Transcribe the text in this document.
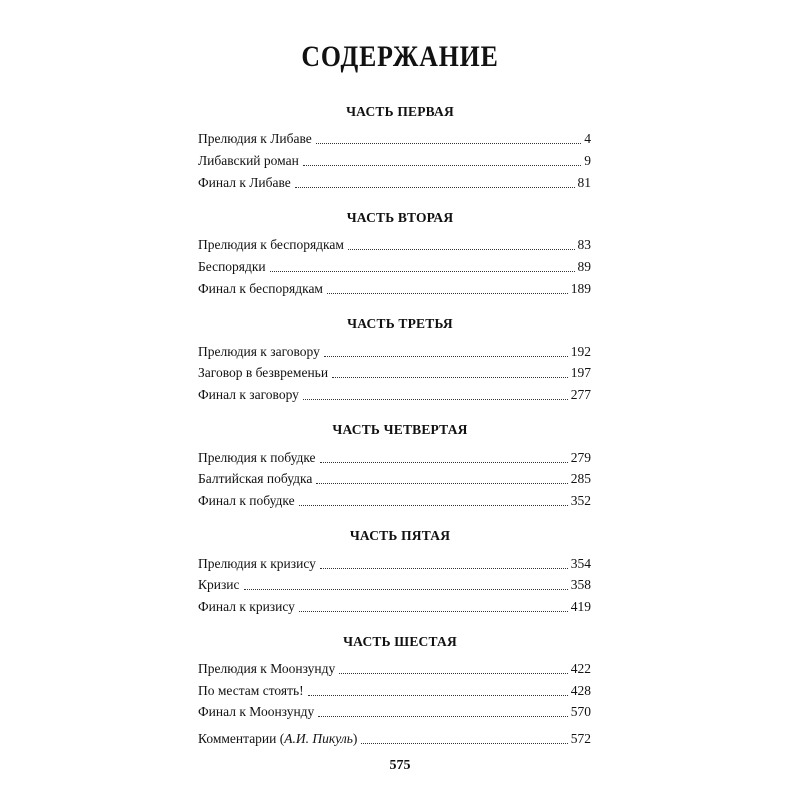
СОДЕРЖАНИЕ
ЧАСТЬ ПЕРВАЯ
Прелюдия к Либаве	4
Либавский роман	9
Финал к Либаве	81
ЧАСТЬ ВТОРАЯ
Прелюдия к беспорядкам	83
Беспорядки	89
Финал к беспорядкам	189
ЧАСТЬ ТРЕТЬЯ
Прелюдия к заговору	192
Заговор в безвременьи	197
Финал к заговору	277
ЧАСТЬ ЧЕТВЕРТАЯ
Прелюдия к побудке	279
Балтийская побудка	285
Финал к побудке	352
ЧАСТЬ ПЯТАЯ
Прелюдия к кризису	354
Кризис	358
Финал к кризису	419
ЧАСТЬ ШЕСТАЯ
Прелюдия к Моонзунду	422
По местам стоять!	428
Финал к Моонзунду	570
Комментарии (А.И. Пикуль)	572
575
